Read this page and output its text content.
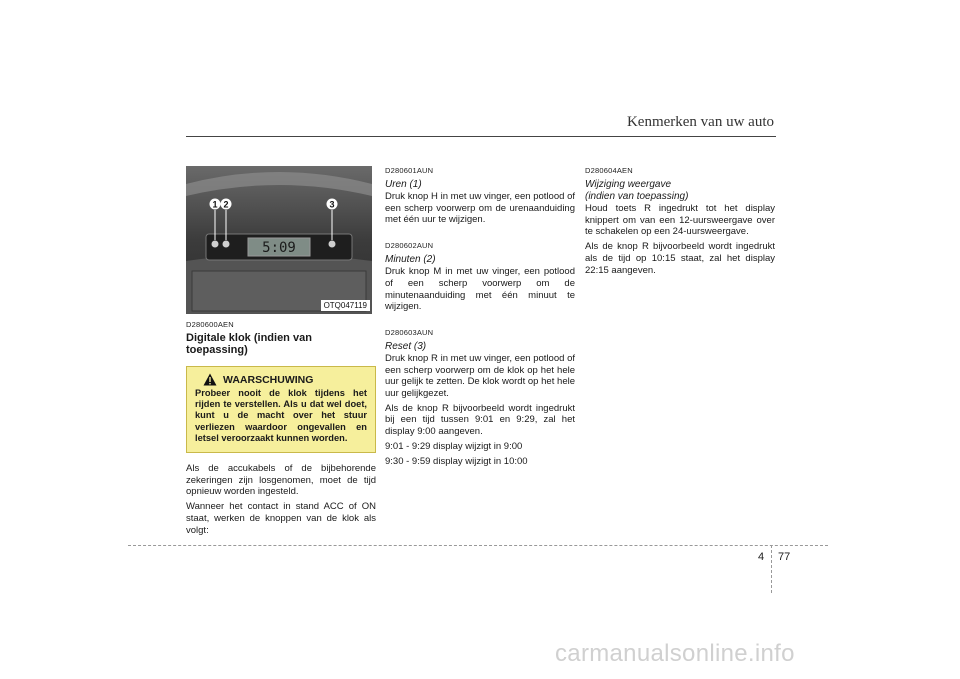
Kenmerken van uw auto
5:09
1 2	3
OTQ047119

D280600AEN

Digitale klok (indien van toepassing)

WAARSCHUWING

Probeer nooit de klok tijdens het rijden te verstellen. Als u dat wel doet, kunt u de macht over het stuur verliezen waardoor ongevallen en letsel veroorzaakt kunnen worden.

Als de accukabels of de bijbehorende zekeringen zijn losgenomen, moet de tijd opnieuw worden ingesteld.

Wanneer het contact in stand ACC of ON staat, werken de knoppen van de klok als volgt:

D280601AUN

Uren (1)

Druk knop H in met uw vinger, een potlood of een scherp voorwerp om de urenaanduiding met één uur te wijzigen.

D280602AUN

Minuten (2)

Druk knop M in met uw vinger, een potlood of een scherp voorwerp om de minutenaanduiding met één minuut te wijzigen.

D280603AUN

Reset (3)

Druk knop R in met uw vinger, een potlood of een scherp voorwerp om de klok op het hele uur gelijk te zetten. De klok wordt op het hele uur gelijkgezet.

Als de knop R bijvoorbeeld wordt ingedrukt bij een tijd tussen 9:01 en 9:29, zal het display 9:00 aangeven.

9:01 - 9:29 display wijzigt in 9:00

9:30 - 9:59 display wijzigt in 10:00

D280604AEN

Wijziging weergave

(indien van toepassing)

Houd toets R ingedrukt tot het display knippert om van een 12-uursweergave over te schakelen op een 24-uursweergave.

Als de knop R bijvoorbeeld wordt ingedrukt als de tijd op 10:15 staat, zal het display 22:15 aangeven.

4 77
carmanualsonline.info
